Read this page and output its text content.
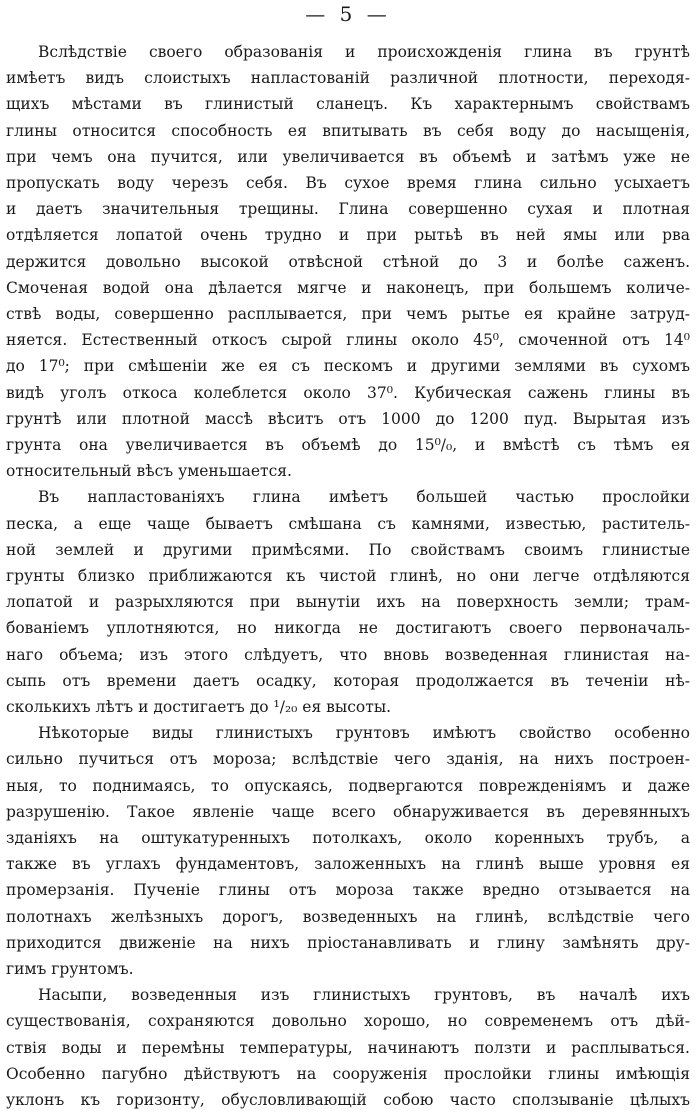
— 5 —
Вслѣдствіе своего образованія и происхожденія глина въ грунтѣ
имѣетъ видъ слоистыхъ напластованій различной плотности, переходя-
щихъ мѣстами въ глинистый сланецъ. Къ характернымъ свойствамъ
глины относится способность ея впитывать въ себя воду до насыщенія,
при чемъ она пучится, или увеличивается въ объемѣ и затѣмъ уже не
пропускать воду черезъ себя. Въ сухое время глина сильно усыхаетъ
и даетъ значительныя трещины. Глина совершенно сухая и плотная
отдѣляется лопатой очень трудно и при рытьѣ въ ней ямы или рва
держится довольно высокой отвѣсной стѣной до 3 и болѣе саженъ.
Смоченая водой она дѣлается мягче и наконецъ, при большемъ количе-
ствѣ воды, совершенно расплывается, при чемъ рытье ея крайне затруд-
няется. Естественный откосъ сырой глины около 45⁰, смоченной отъ 14⁰
до 17⁰; при смѣшеніи же ея съ пескомъ и другими землями въ сухомъ
видѣ уголъ откоса колеблется около 37⁰. Кубическая сажень глины въ
грунтѣ или плотной массѣ вѣситъ отъ 1000 до 1200 пуд. Вырытая изъ
грунта она увеличивается въ объемѣ до 15⁰/₀, и вмѣстѣ съ тѣмъ ея
относительный вѣсъ уменьшается.
Въ напластованіяхъ глина имѣетъ большей частью прослойки
песка, а еще чаще бываетъ смѣшана съ камнями, известью, раститель-
ной землей и другими примѣсями. По свойствамъ своимъ глинистые
грунты близко приближаются къ чистой глинѣ, но они легче отдѣляются
лопатой и разрыхляются при вынутіи ихъ на поверхность земли; трам-
бованіемъ уплотняются, но никогда не достигаютъ своего первоначаль-
наго объема; изъ этого слѣдуетъ, что вновь возведенная глинистая на-
сыпь отъ времени даетъ осадку, которая продолжается въ теченіи нѣ-
сколькихъ лѣтъ и достигаетъ до ¹/₂₀ ея высоты.
Нѣкоторые виды глинистыхъ грунтовъ имѣютъ свойство особенно
сильно пучиться отъ мороза; вслѣдствіе чего зданія, на нихъ построен-
ныя, то поднимаясь, то опускаясь, подвергаются поврежденіямъ и даже
разрушенію. Такое явленіе чаще всего обнаруживается въ деревянныхъ
зданіяхъ на оштукатуренныхъ потолкахъ, около коренныхъ трубъ, а
также въ углахъ фундаментовъ, заложенныхъ на глинѣ выше уровня ея
промерзанія. Пученіе глины отъ мороза также вредно отзывается на
полотнахъ желѣзныхъ дорогъ, возведенныхъ на глинѣ, вслѣдствіе чего
приходится движеніе на нихъ пріостанавливать и глину замѣнять дру-
гимъ грунтомъ.
Насыпи, возведенныя изъ глинистыхъ грунтовъ, въ началѣ ихъ
существованія, сохраняются довольно хорошо, но современемъ отъ дѣй-
ствія воды и перемѣны температуры, начинаютъ ползти и расплываться.
Особенно пагубно дѣйствуютъ на сооруженія прослойки глины имѣющія
уклонъ къ горизонту, обусловливающій собою часто сползываніе цѣлыхъ
